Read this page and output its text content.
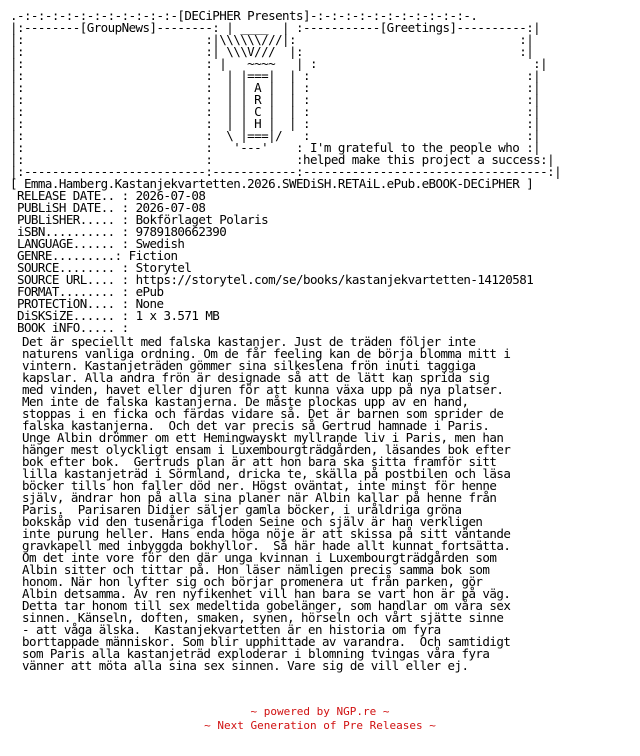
.-:-:-:-:-:-:-:-:-:-:-:-[DECiPHER Presents]-:-:-:-:-:-:-:-:-:-:-:-.
|:--------[GroupNews]--------: | ____  | :-----------[Greetings]----------:|
|:                          :|\\\\\\///|:                                :|
|:                          :| \\\V///  |:                               :|
|:                          : |   ~~~~   | :                               :|
|:                          :  | |===|  | :                               :|
|:                          :  | | A |  | :                               :|
|:                          :  | | R |  | :                               :|
|:                          :  | | C |  | :                               :|
|:                          :  | | H |  | :                               :|
|:                          :  \ |===|/   :                               :|
|:                          :   '---'    : I'm grateful to the people who :|
|:                          :            :helped make this project a success:|
|:--------------------------:------------:-----------------------------------:|
[ Emma.Hamberg.Kastanjekvartetten.2026.SWEDiSH.RETAiL.ePub.eBOOK-DECiPHER ]
RELEASE DATE.. : 2026-07-08
PUBLiSH DATE.. : 2026-07-08
PUBLiSHER..... : Bokförlaget Polaris
iSBN.......... : 9789180662390
LANGUAGE...... : Swedish
GENRE.........: Fiction
SOURCE........ : Storytel
SOURCE URL.... : https://storytel.com/se/books/kastanjekvartetten-14120581
FORMAT........ : ePub
PROTECTiON.... : None
DiSKSiZE...... : 1 x 3.571 MB
BOOK iNFO..... :
Det är speciellt med falska kastanjer. Just de träden följer inte
naturens vanliga ordning. Om de får feeling kan de börja blomma mitt i
vintern. Kastanjeträden gömmer sina silkeslena frön inuti taggiga
kapslar. Alla andra frön är designade så att de lätt kan sprida sig
med vinden, havet eller djuren för att kunna växa upp på nya platser.
Men inte de falska kastanjerna. De måste plockas upp av en hand,
stoppas i en ficka och färdas vidare så. Det är barnen som sprider de
falska kastanjerna.  Och det var precis så Gertrud hamnade i Paris.
Unge Albin drömmer om ett Hemingwayskt myllrande liv i Paris, men han
hänger mest olyckligt ensam i Luxembourgträdgården, läsandes bok efter
bok efter bok.  Gertruds plan är att hon bara ska sitta framför sitt
lilla kastanjeträd i Sörmland, dricka te, skälla på postbilen och läsa
böcker tills hon faller död ner. Högst oväntat, inte minst för henne
själv, ändrar hon på alla sina planer när Albin kallar på henne från
Paris.  Parisaren Didier säljer gamla böcker, i uråldriga gröna
bokskåp vid den tusenåriga floden Seine och själv är han verkligen
inte purung heller. Hans enda höga nöje är att skissa på sitt väntande
gravkapell med inbyggda bokhyllor.  Så här hade allt kunnat fortsätta.
Om det inte vore för den där unga kvinnan i Luxembourgträdgården som
Albin sitter och tittar på. Hon läser nämligen precis samma bok som
honom. När hon lyfter sig och börjar promenera ut från parken, gör
Albin detsamma. Av ren nyfikenhet vill han bara se vart hon är på väg.
Detta tar honom till sex medeltida gobelänger, som handlar om våra sex
sinnen. Känseln, doften, smaken, synen, hörseln och vårt sjätte sinne
- att våga älska.  Kastanjekvartetten är en historia om fyra
borttappade människor. Som blir upphittade av varandra.  Och samtidigt
som Paris alla kastanjeträd exploderar i blomning tvingas våra fyra
vänner att möta alla sina sex sinnen. Vare sig de vill eller ej.
~ powered by NGP.re ~
~ Next Generation of Pre Releases ~
